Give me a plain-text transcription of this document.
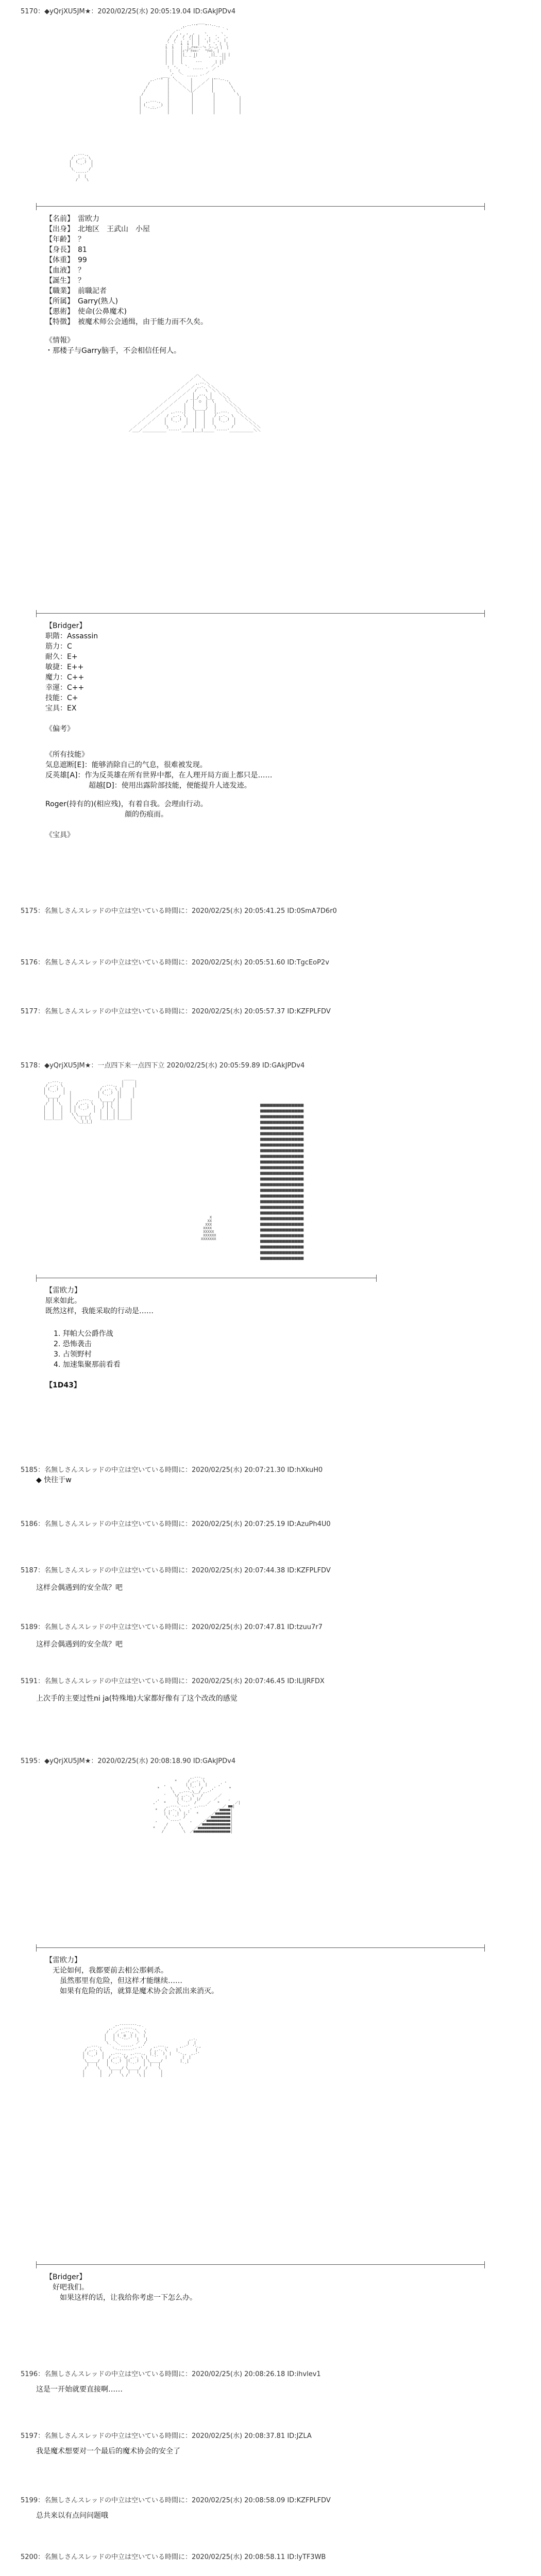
5170：◆yQrjXU5JM★：2020/02/25(水) 20:05:19.04 ID:GAkJPDv4

,.-‐''"￣￣"''‐-.,
,.'´                 ｀ヽ
／  ,  ,  ,    ヽ      ヽ
/  /  /  /|  |   ',  ',  ',
/  /  ,' ,'|  |  ',|  ',  |
,' ,'  i  i |  |   ', ', |  |
i  i   |  |,r==‐-'ﾍ ＞-,ｨ |  |
|  |   |ｨ'ﾃ¨ﾃ===ﾞ  "ﾃ=ﾄ, |
|  |   ||_ _ ||      ||_ _|| |
|  |   |     "      '     ||
|  |   |      ‐-‐      | ||
', ',  ｀ヽ           ／ ,'
',  ',   ｀ ‐-‐-‐ '  ／
',  ＼           ／
＿＿_',   ｀ ‐-‐-‐ '´
,.-''"  |  ＼      |      ／ |"''‐-.,
/        |    ＼    |    ／   |       \
/         |      ＼  |  ／     |        \
/          |        ＼|／       |         \
/           |          |         |          \
|            |          |         |           |
|  ,.-‐-.,   |          |         |           |
| (   _   )  |          |         |           |
|  `'‐-‐'´   |          |         |           |
|            |          |         |           |

,.-‐-.,
/  ,.-. \
|  (   )  |
|   `'´   |
\       /
`‐-‐-‐'
|  |
/    \

【名前】　雷欧力
【出身】　北地区　王武山　小屋
【年齢】　？
【身長】　81
【体重】　99
【血液】　？
【誕生】　？
【職業】　前職記者
【所属】　Garry(熟人)
【悪術】　使命(公鼻魔术)
【特徴】　被魔术师公会通缉，由于能力而不久矣。
《情報》
・那楼子与Garry脑手，不会相信任何人。

／＼
／    ＼
／   ,.‐-.＼
／   ／ ,.-. ＼＼
／   ／  /    \  ＼＼
／   ／   |  ,.,  |   ＼＼
／   ／    _|_/   \_|_    ＼＼
／   ／    /  |  ○  |  \     ＼＼
／   ／     |   |     |   |      ＼＼
／   ／       |   \_____/   |        ＼＼
／   ／   ,.-‐-.|    |   |    |,.-‐-.   ＼＼
／   ／   /  ,.-. \    |   |    / ,.-.  \   ＼＼
／   ／    |  (   )  |   |   |   |  (   )  |    ＼＼
／   ／      |   `'´   |   |   |   |   `'´   |      ＼＼
／   ／         \       /    |   |    \       /         ＼＼
／___／___________`‐-‐-‐'_____|___|_____`‐-‐-‐'___________＼＼

【Bridger】
职階：Assassin
筋力：C
耐久：E+
敏捷：E++
魔力：C++
幸運：C++
技能：C+
宝具：EX
《偏考》
《所有技能》
気息遮断[E]：能够消除自己的气息，很难被发现。
反英雄[A]：作为反英雄在所有世界中都，在人理开局方面上都只是……
　　　　　　超越[D]：使用出露阶部技能，便能提升人迹发迹。
Roger(持有的)(相应残)，有着自我。会理由行动。
　　　　　　　　　　　顔的伤痕而。
《宝具》
5175：名無しさんスレッドの中立は空いている時間に：2020/02/25(水) 20:05:41.25 ID:0SmA7D6r0
5176：名無しさんスレッドの中立は空いている時間に：2020/02/25(水) 20:05:51.60 ID:TgcEoP2v
5177：名無しさんスレッドの中立は空いている時間に：2020/02/25(水) 20:05:57.37 ID:KZFPLFDV
5178：◆yQrjXU5JM★：一点四下来一点四下立 2020/02/25(水) 20:05:59.89 ID:GAkJPDv4

,.-‐-.,                           |￣￣￣|
/ ,.-. \                  ,.-‐-.,  |     |
| (   )  |                / ,.-. \ |     |
|  `'´   |  |            | (   )  ||     |
\_____/    |            |  `'´   ||     |
| | |     |   ,.-‐-.,   \_____/ |     |
/  |  \    |  / ,.-. \    | | |  |     |
|   |   |   | | (   )  |   / | \  |     |
|   |   |   | |  `'´   |  |  |  | |     |
|   |   |    \ \_____/    |  |  | |     |
|___|___|     \  | | |    |__|__| |_____|
＼_|_|_|

■■■■■■■■■■■■■■
■■■■■■■■■■■■■■
■■■■■■■■■■■■■■
■■■■■■■■■■■■■■
■■■■■■■■■■■■■■
■■■■■■■■■■■■■■
■■■■■■■■■■■■■■
■■■■■■■■■■■■■■
■■■■■■■■■■■■■■
■■■■■■■■■■■■■■
■■■■■■■■■■■■■■
■■■■■■■■■■■■■■
■■■■■■■■■■■■■■
■■■■■■■■■■■■■■
■■■■■■■■■■■■■■
■■■■■■■■■■■■■■
■■■■■■■■■■■■■■
■■■■■■■■■■■■■■
■■■■■■■■■■■■■■
■■■■■■■■■■■■■■
■■■■■■■■■■■■■■
■■■■■■■■■■■■■■
■■■■■■■■■■■■■■
■■■■■■■■■■■■■■
■■■■■■■■■■■■■■
■■■■■■■■■■■■■■
■■■■■■■■■■■■■■
■■■■■■■■■■■■■■

X
XX
XXX
XXXX
XXXXX
XXXXXX
XXXXXXX

【雷欧力】
原来如此。
既然这样，我能采取的行动是……
1. 拜帕大公爵作战
2. 恐怖袭击
3. 占领野村
4. 加速集聚那前看看
【1D43】
5185：名無しさんスレッドの中立は空いている時間に：2020/02/25(水) 20:07:21.30 ID:hXkuH0
◆ 快往于w
5186：名無しさんスレッドの中立は空いている時間に：2020/02/25(水) 20:07:25.19 ID:AzuPh4U0
5187：名無しさんスレッドの中立は空いている時間に：2020/02/25(水) 20:07:44.38 ID:KZFPLFDV
这样会偶遇到的安全哉？吧
5189：名無しさんスレッドの中立は空いている時間に：2020/02/25(水) 20:07:47.81 ID:tzuu7r7
这样会偶遇到的安全哉？吧
5191：名無しさんスレッドの中立は空いている時間に：2020/02/25(水) 20:07:46.45 ID:ILIJRFDX
上次手的主要过性ni ja(特殊地)大家都好像有了这个改改的感觉
5195：◆yQrjXU5JM★：2020/02/25(水) 20:08:18.90 ID:GAkJPDv4

,.-‐-.,
*     / ,.-. \         ,
,         | (   )  |     ,'
*     \       \`'´  /    ,'      *
\  ,.-‐-.\__/ ,.-'
'    \/ ,.-. \   /       ／
,        | (   )  |/      ／     ,
,'   *     \  `'´  /     ／   *       ／|
,.-‐-.`‐-‐'  ,.-‐‐'       ／ ■■|
*   / ,.-. \   ,'           ／■■■■■|
| (   )  |,'   *      ／■■■■■■■|
\  `'´  /          ／■■■■■■■■■|
,     `‐-‐-'    ,     ／■■■■■■■■■■■|
/     \        ／■■■■■■■■■■■■■|
*    /       \     ／■■■■■■■■■■■■■■■|
/         \  ／■■■■■■■■■■■■■■■■■|

【雷欧力】
　无论如何，我都要前去相公那刺杀。
　　虽然那里有危险，但这样才能继续……
　　如果有危险的话，就算是魔术协会会派出来消灭。

,.-‐‐‐‐‐‐-.,
,.'  ,.-‐‐-.,  ｀.
/   ／ ,.--., ＼  \
|   | (  ◎  ) |   |
|   |  `'‐-'´  |   |                   ,.-.
\   ＼        ／  /                   |  |
,.-‐-.,   ｀.  `‐-‐-‐'  ,.'    ,.-‐-.,     ,.-'  '-.,
/ ,.-. \     `'‐-‐‐‐-‐'´      / ,.-. \    |        |
| (   )  |   ,.-‐-.,  ,.-‐-.,  | (   )  |   '-.,  ,.-'
|  `'´   |  / ,.-. \/ ,.-. \ |  `'´   |       |  |
\_____/   | (   )  |(   )  | \_____/        |  |
|   |    |  `'´   | `'´   |  |   |          `'´
/     \    \_____/ \_____/  /     \
|       |    |   |   |   |  |       |
|       |   /     \ /     \ |       |

【Bridger】
　好吧我们。
　　如果这样的话，让我给你考虑一下怎么办。
5196：名無しさんスレッドの中立は空いている時間に：2020/02/25(水) 20:08:26.18 ID:ihvlev1
这是一开始就要直接啊……
5197：名無しさんスレッドの中立は空いている時間に：2020/02/25(水) 20:08:37.81 ID:JZLA
我是魔术想要对一个最后的魔术协会的安全了
5199：名無しさんスレッドの中立は空いている時間に：2020/02/25(水) 20:08:58.09 ID:KZFPLFDV
总共来以有点问问题哦
5200：名無しさんスレッドの中立は空いている時間に：2020/02/25(水) 20:08:58.11 ID:lyTF3WB
